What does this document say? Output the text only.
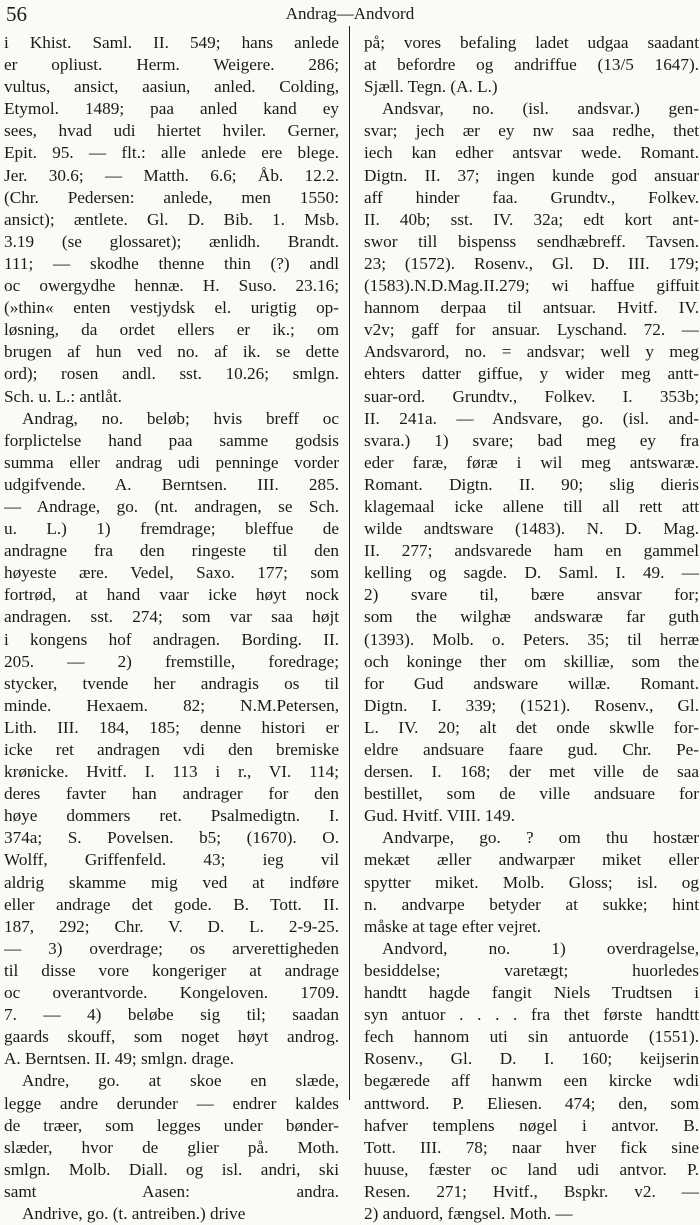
56	Andrag—Andvord
i Khist. Saml. II. 549; hans anlede
er opliust. Herm. Weigere. 286;
vultus, ansict, aasiun, anled. Colding,
Etymol. 1489; paa anled kand ey
sees, hvad udi hiertet hviler. Gerner,
Epit. 95. — flt.: alle anlede ere blege.
Jer. 30.6; — Matth. 6.6; Åb. 12.2.
(Chr. Pedersen: anlede, men 1550:
ansict); æntlete. Gl. D. Bib. 1. Msb.
3.19 (se glossaret); ænlidh. Brandt.
111; — skodhe thenne thin (?) andl
oc owergydhe hennæ. H. Suso. 23.16;
(»thin« enten vestjydsk el. urigtig op-
løsning, da ordet ellers er ik.; om
brugen af hun ved no. af ik. se dette
ord); rosen andl. sst. 10.26; smlgn.
Sch. u. L.: antlåt.
Andrag, no. beløb; hvis breff oc
forplictelse hand paa samme godsis
summa eller andrag udi penninge vorder
udgifvende. A. Berntsen. III. 285.
— Andrage, go. (nt. andragen, se Sch.
u. L.) 1) fremdrage; bleffue de
andragne fra den ringeste til den
høyeste ære. Vedel, Saxo. 177; som
fortrød, at hand vaar icke høyt nock
andragen. sst. 274; som var saa højt
i kongens hof andragen. Bording. II.
205. — 2) fremstille, foredrage;
stycker, tvende her andragis os til
minde. Hexaem. 82; N.M.Petersen,
Lith. III. 184, 185; denne histori er
icke ret andragen vdi den bremiske
krønicke. Hvitf. I. 113 i r., VI. 114;
deres favter han andrager for den
høye dommers ret. Psalmedigtn. I.
374a; S. Povelsen. b5; (1670). O.
Wolff, Griffenfeld. 43; ieg vil
aldrig skamme mig ved at indføre
eller andrage det gode. B. Tott. II.
187, 292; Chr. V. D. L. 2-9-25.
— 3) overdrage; os arverettigheden
til disse vore kongeriger at andrage
oc overantvorde. Kongeloven. 1709.
7. — 4) beløbe sig til; saadan
gaards skouff, som noget høyt androg.
A. Berntsen. II. 49; smlgn. drage.
Andre, go. at skoe en slæde,
legge andre derunder — endrer kaldes
de træer, som legges under bønder-
slæder, hvor de glier på. Moth.
smlgn. Molb. Diall. og isl. andri, ski
samt Aasen: andra.
Andrive, go. (t. antreiben.) drive
på; vores befaling ladet udgaa saadant
at befordre og andriffue (13/5 1647).
Sjæll. Tegn. (A. L.)
Andsvar, no. (isl. andsvar.) gen-
svar; jech ær ey nw saa redhe, thet
iech kan edher antsvar wede. Romant.
Digtn. II. 37; ingen kunde god ansuar
aff hinder faa. Grundtv., Folkev.
II. 40b; sst. IV. 32a; edt kort ant-
swor till bispenss sendhæbreff. Tavsen.
23; (1572). Rosenv., Gl. D. III. 179;
(1583).N.D.Mag.II.279; wi haffue giffuit
hannom derpaa til antsuar. Hvitf. IV.
v2v; gaff for ansuar. Lyschand. 72. —
Andsvarord, no. = andsvar; well y meg
ehters datter giffue, y wider meg antt-
suar-ord. Grundtv., Folkev. I. 353b;
II. 241a. — Andsvare, go. (isl. and-
svara.) 1) svare; bad meg ey fra
eder faræ, føræ i wil meg antswaræ.
Romant. Digtn. II. 90; slig dieris
klagemaal icke allene till all rett att
wilde andtsware (1483). N. D. Mag.
II. 277; andsvarede ham en gammel
kelling og sagde. D. Saml. I. 49. —
2) svare til, bære ansvar for;
som the wilghæ andswaræ far guth
(1393). Molb. o. Peters. 35; til herræ
och koninge ther om skilliæ, som the
for Gud andsware willæ. Romant.
Digtn. I. 339; (1521). Rosenv., Gl.
L. IV. 20; alt det onde skwlle for-
eldre andsuare faare gud. Chr. Pe-
dersen. I. 168; der met ville de saa
bestillet, som de ville andsuare for
Gud. Hvitf. VIII. 149.
Andvarpe, go. ? om thu hostær
mekæt æller andwarpær miket eller
spytter miket. Molb. Gloss; isl. og
n. andvarpe betyder at sukke; hint
måske at tage efter vejret.
Andvord, no. 1) overdragelse,
besiddelse; varetægt; huorledes
handtt hagde fangit Niels Trudtsen i
syn antuor . . . . fra thet første handtt
fech hannom uti sin antuorde (1551).
Rosenv., Gl. D. I. 160; keijserin
begærede aff hanwm een kircke wdi
anttword. P. Eliesen. 474; den, som
hafver templens nøgel i antvor. B.
Tott. III. 78; naar hver fick sine
huuse, fæster oc land udi antvor. P.
Resen. 271; Hvitf., Bspkr. v2. —
2) anduord, fængsel. Moth. —
